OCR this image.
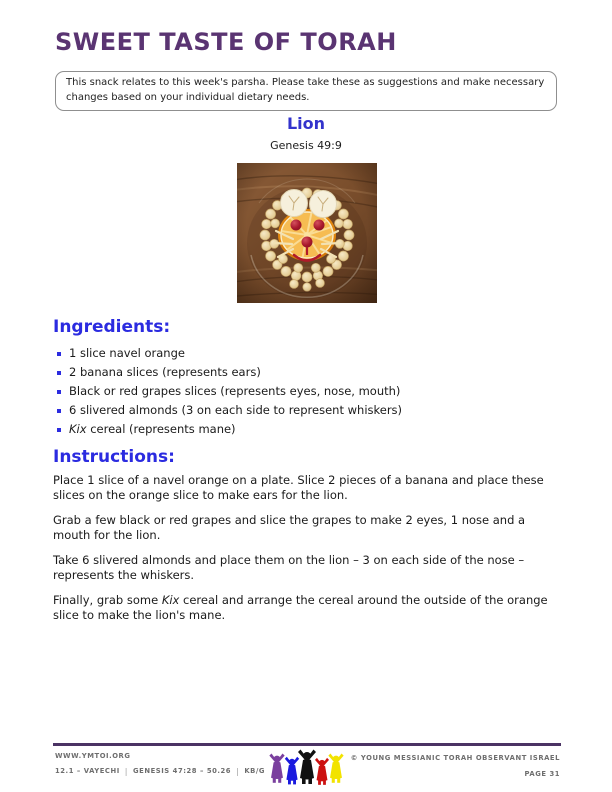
SWEET TASTE OF TORAH
This snack relates to this week's parsha. Please take these as suggestions and make necessary changes based on your individual dietary needs.
Lion
Genesis 49:9
Ingredients:
1 slice navel orange
2 banana slices (represents ears)
Black or red grapes slices (represents eyes, nose, mouth)
6 slivered almonds (3 on each side to represent whiskers)
Kix cereal (represents mane)
Instructions:

Place 1 slice of a navel orange on a plate. Slice 2 pieces of a banana and place these slices on the orange slice to make ears for the lion.

Grab a few black or red grapes and slice the grapes to make 2 eyes, 1 nose and a mouth for the lion.

Take 6 slivered almonds and place them on the lion – 3 on each side of the nose – represents the whiskers.

Finally, grab some Kix cereal and arrange the cereal around the outside of the orange slice to make the lion's mane.

WWW.YMTOI.ORG
12.1 – VAYECHI | GENESIS 47:28 – 50.26 | KB/G
© YOUNG MESSIANIC TORAH OBSERVANT ISRAEL
PAGE 31
